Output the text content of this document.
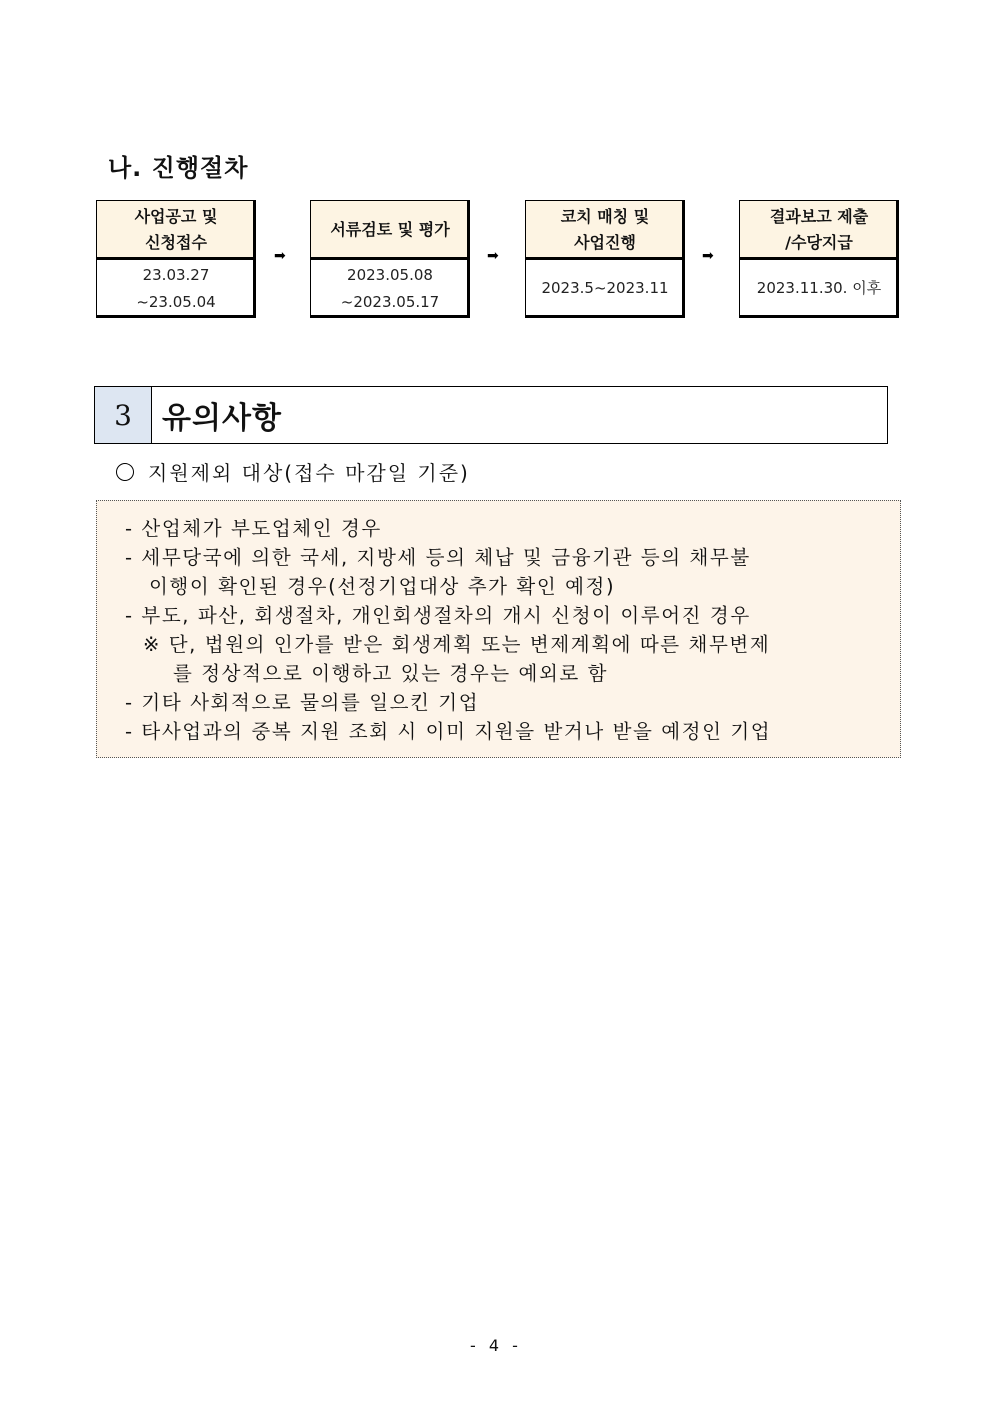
나. 진행절차
사업공고 및
신청접수
23.03.27
~23.05.04
➡
서류검토 및 평가
2023.05.08
~2023.05.17
➡
코치 매칭 및
사업진행
2023.5~2023.11
➡
결과보고 제출
/수당지급
2023.11.30. 이후
3	유의사항
지원제외 대상(접수 마감일 기준)
- 산업체가 부도업체인 경우
- 세무당국에 의한 국세, 지방세 등의 체납 및 금융기관 등의 채무불
이행이 확인된 경우(선정기업대상 추가 확인 예정)
- 부도, 파산, 회생절차, 개인회생절차의 개시 신청이 이루어진 경우
※ 단, 법원의 인가를 받은 회생계획 또는 변제계획에 따른 채무변제
를 정상적으로 이행하고 있는 경우는 예외로 함
- 기타 사회적으로 물의를 일으킨 기업
- 타사업과의 중복 지원 조회 시 이미 지원을 받거나 받을 예정인 기업
- 4 -
